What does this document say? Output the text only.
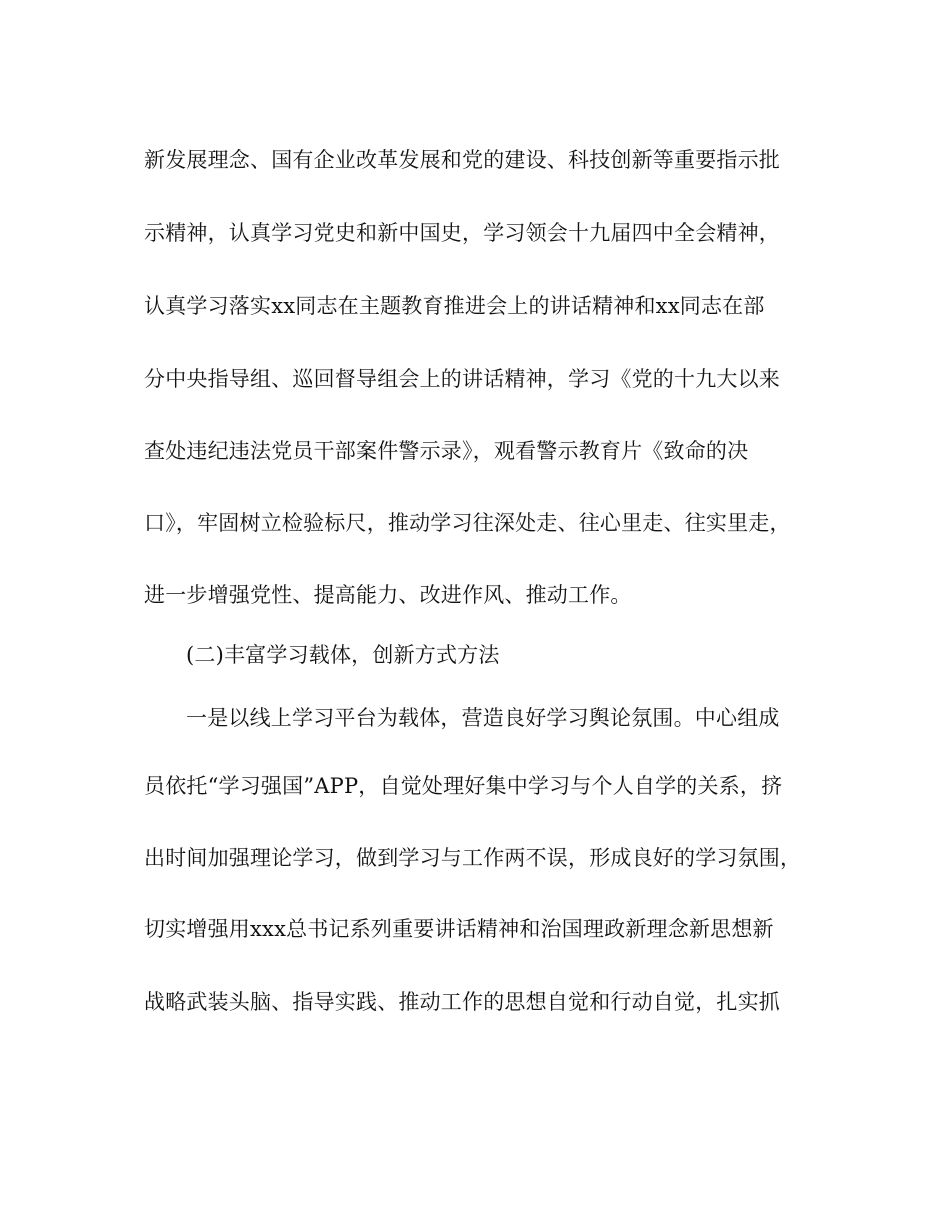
新发展理念、国有企业改革发展和党的建设、科技创新等重要指示批

示精神，认真学习党史和新中国史，学习领会十九届四中全会精神，

认真学习落实xx同志在主题教育推进会上的讲话精神和xx同志在部

分中央指导组、巡回督导组会上的讲话精神，学习《党的十九大以来

查处违纪违法党员干部案件警示录》，观看警示教育片《致命的决

口》，牢固树立检验标尺，推动学习往深处走、往心里走、往实里走，

进一步增强党性、提高能力、改进作风、推动工作。

(二)丰富学习载体，创新方式方法

一是以线上学习平台为载体，营造良好学习舆论氛围。中心组成

员依托“学习强国”APP，自觉处理好集中学习与个人自学的关系，挤

出时间加强理论学习，做到学习与工作两不误，形成良好的学习氛围，

切实增强用xxx总书记系列重要讲话精神和治国理政新理念新思想新

战略武装头脑、指导实践、推动工作的思想自觉和行动自觉，扎实抓
